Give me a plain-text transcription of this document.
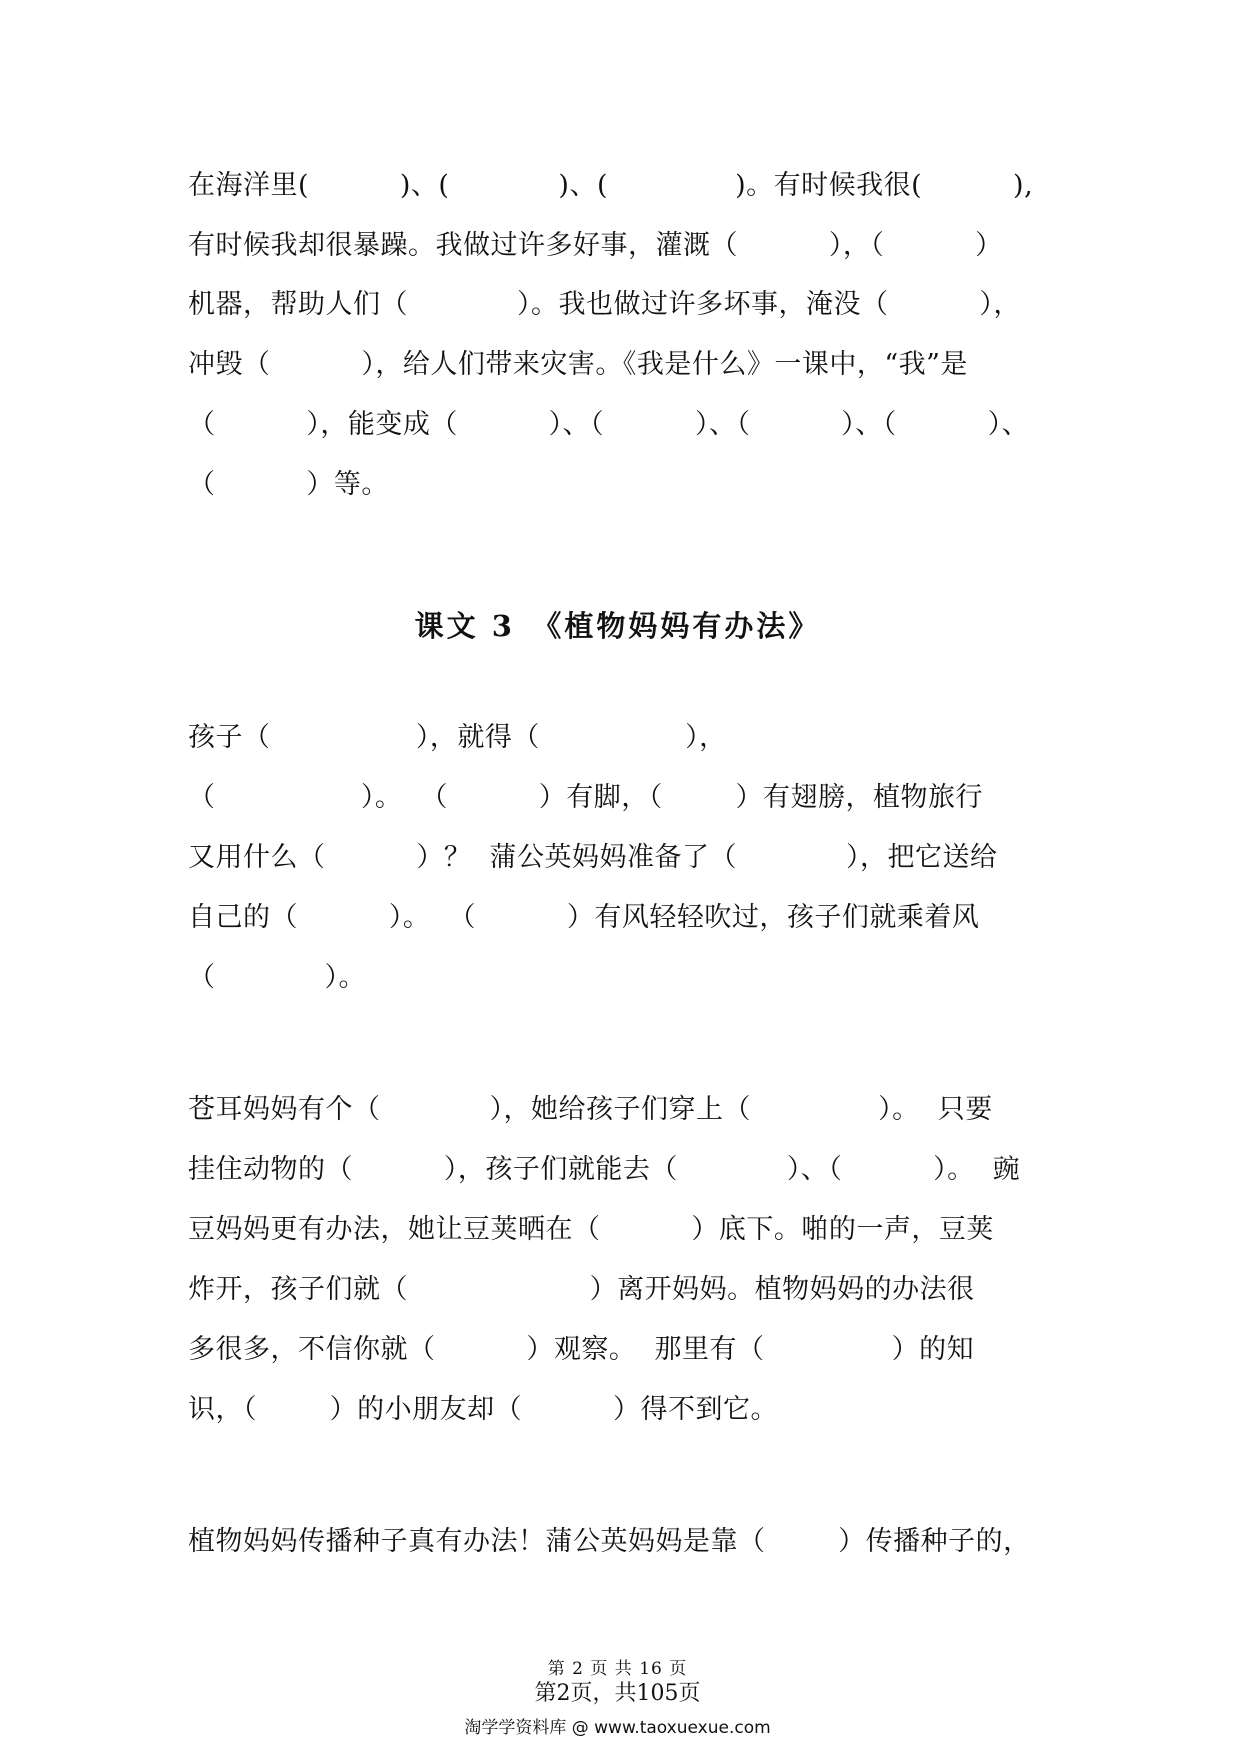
在海洋里(          )、(            )、(              )。有时候我很(          ),

有时候我却很暴躁。我做过许多好事，灌溉（          ），（          ）

机器，帮助人们（            ）。我也做过许多坏事，淹没（          ），

冲毁（          ），给人们带来灾害。《我是什么》一课中，“我”是

（          ），能变成（          ）、（          ）、（          ）、（          ）、

（          ）等。

课文 3　《植物妈妈有办法》

孩子（                ），就得（                ），

（                ）。  （          ）有脚，（        ）有翅膀，植物旅行

又用什么（          ）？  蒲公英妈妈准备了（            ），把它送给

自己的（          ）。  （          ）有风轻轻吹过，孩子们就乘着风

（            ）。

苍耳妈妈有个（            ），她给孩子们穿上（              ）。  只要

挂住动物的（          ），孩子们就能去（            ）、（          ）。  豌

豆妈妈更有办法，她让豆荚晒在（          ）底下。啪的一声，豆荚

炸开，孩子们就（                    ）离开妈妈。植物妈妈的办法很

多很多，不信你就（          ）观察。  那里有（              ）的知

识，（        ）的小朋友却（          ）得不到它。

植物妈妈传播种子真有办法！蒲公英妈妈是靠（        ）传播种子的，

第 2 页 共 16 页

第2页，共105页

淘学学资料库 @ www.taoxuexue.com
